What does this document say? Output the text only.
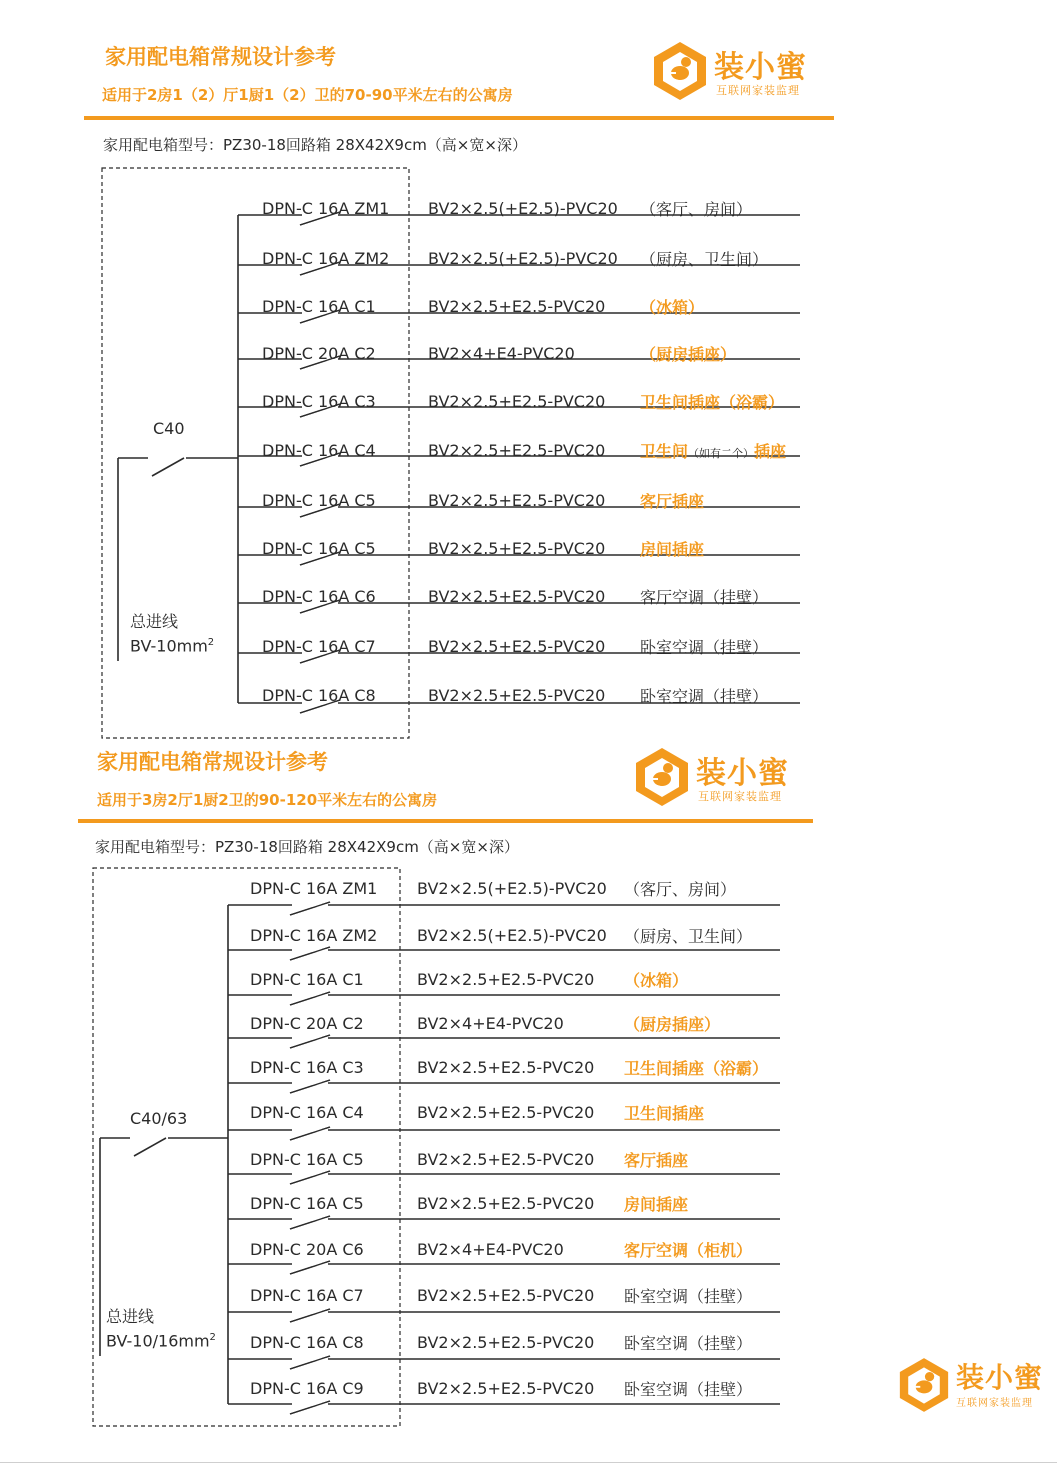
家用配电箱常规设计参考
适用于2房1（2）厅1厨1（2）卫的70-90平米左右的公寓房
装小蜜
互联网家装监理
家用配电箱型号：PZ30-18回路箱 28X42X9cm（高×宽×深）
C40
总进线
$BV-10mm^2$
DPN-C 16A ZM1 BV2×2.5(+E2.5)-PVC20 （客厅、房间）
DPN-C 16A ZM2 BV2×2.5(+E2.5)-PVC20 （厨房、卫生间）
DPN-C 16A C1	BV2×2.5+E2.5-PVC20 （冰箱）
DPN-C 20A C2	BV2×4+E4-PVC20	（厨房插座）
DPN-C 16A C3	BV2×2.5+E2.5-PVC20 卫生间插座（浴霸）
DPN-C 16A C4	BV2×2.5+E2.5-PVC20 卫生间（如有二个）插座
DPN-C 16A C5	BV2×2.5+E2.5-PVC20 客厅插座
DPN-C 16A C5	BV2×2.5+E2.5-PVC20 房间插座
DPN-C 16A C6	BV2×2.5+E2.5-PVC20 客厅空调（挂壁）
DPN-C 16A C7	BV2×2.5+E2.5-PVC20 卧室空调（挂壁）
DPN-C 16A C8	BV2×2.5+E2.5-PVC20 卧室空调（挂壁）
家用配电箱常规设计参考
适用于3房2厅1厨2卫的90-120平米左右的公寓房
装小蜜
互联网家装监理
家用配电箱型号：PZ30-18回路箱 28X42X9cm（高×宽×深）
C40/63
总进线
$BV-10/16mm^2$
DPN-C 16A ZM1 BV2×2.5(+E2.5)-PVC20 （客厅、房间）
DPN-C 16A ZM2 BV2×2.5(+E2.5)-PVC20 （厨房、卫生间）
DPN-C 16A C1	BV2×2.5+E2.5-PVC20 （冰箱）
DPN-C 20A C2	BV2×4+E4-PVC20	（厨房插座）
DPN-C 16A C3	BV2×2.5+E2.5-PVC20 卫生间插座（浴霸）
DPN-C 16A C4	BV2×2.5+E2.5-PVC20 卫生间插座
DPN-C 16A C5	BV2×2.5+E2.5-PVC20 客厅插座
DPN-C 16A C5	BV2×2.5+E2.5-PVC20 房间插座
DPN-C 20A C6	BV2×4+E4-PVC20	客厅空调（柜机）
DPN-C 16A C7	BV2×2.5+E2.5-PVC20 卧室空调（挂壁）
DPN-C 16A C8	BV2×2.5+E2.5-PVC20 卧室空调（挂壁）
DPN-C 16A C9	BV2×2.5+E2.5-PVC20 卧室空调（挂壁）	装小蜜
互联网家装监理
